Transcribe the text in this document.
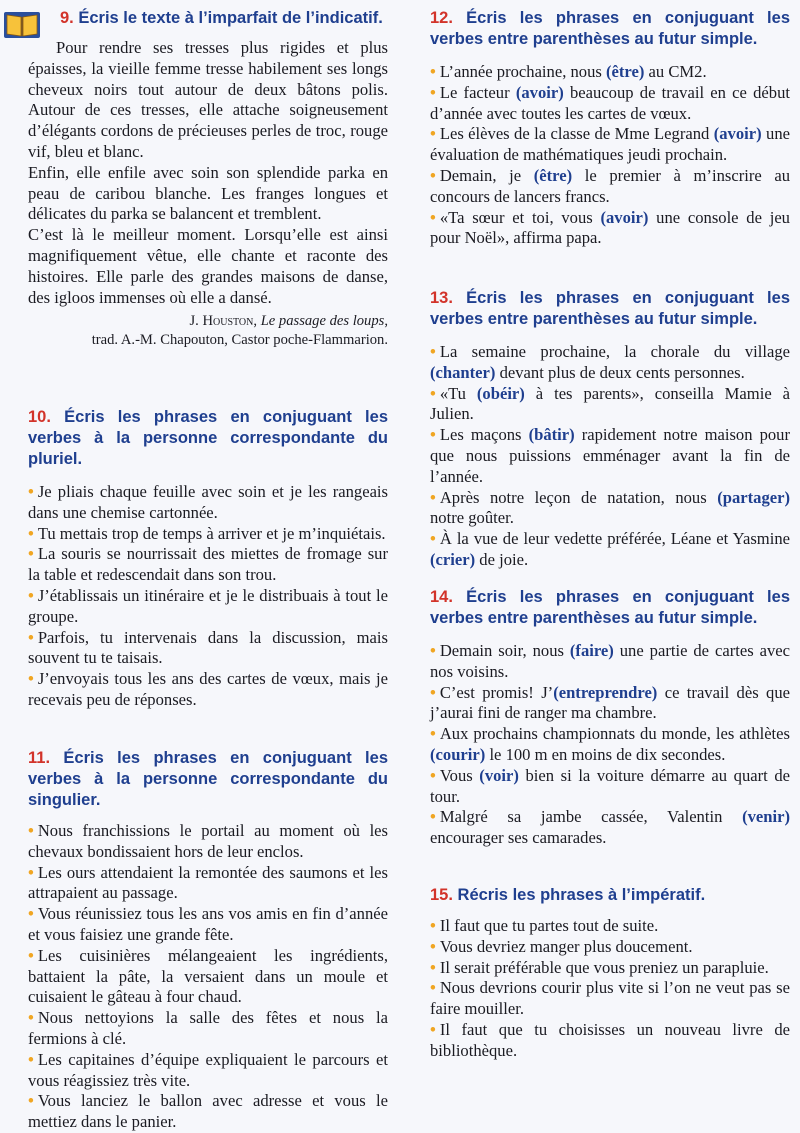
9. Écris le texte à l’imparfait de l’indicatif.

Pour rendre ses tresses plus rigides et plus épaisses, la vieille femme tresse habilement ses longs cheveux noirs tout autour de deux bâtons polis. Autour de ces tresses, elle attache soigneusement d’élégants cordons de précieuses perles de troc, rouge vif, bleu et blanc.

Enfin, elle enfile avec soin son splendide parka en peau de caribou blanche. Les franges longues et délicates du parka se balancent et tremblent.

C’est là le meilleur moment. Lorsqu’elle est ainsi magnifiquement vêtue, elle chante et raconte des histoires. Elle parle des grandes maisons de danse, des igloos immenses où elle a dansé.

J. Houston, Le passage des loups,

trad. A.-M. Chapouton, Castor poche-Flammarion.

10. Écris les phrases en conjuguant les verbes à la personne correspondante du pluriel.

• Je pliais chaque feuille avec soin et je les rangeais dans une chemise cartonnée.

• Tu mettais trop de temps à arriver et je m’inquiétais.

• La souris se nourrissait des miettes de fromage sur la table et redescendait dans son trou.

• J’établissais un itinéraire et je le distribuais à tout le groupe.

• Parfois, tu intervenais dans la discussion, mais souvent tu te taisais.

• J’envoyais tous les ans des cartes de vœux, mais je recevais peu de réponses.

11. Écris les phrases en conjuguant les verbes à la personne correspondante du singulier.

• Nous franchissions le portail au moment où les chevaux bondissaient hors de leur enclos.

• Les ours attendaient la remontée des saumons et les attrapaient au passage.

• Vous réunissiez tous les ans vos amis en fin d’année et vous faisiez une grande fête.

• Les cuisinières mélangeaient les ingrédients, battaient la pâte, la versaient dans un moule et cuisaient le gâteau à four chaud.

• Nous nettoyions la salle des fêtes et nous la fermions à clé.

• Les capitaines d’équipe expliquaient le parcours et vous réagissiez très vite.

• Vous lanciez le ballon avec adresse et vous le mettiez dans le panier.

12. Écris les phrases en conjuguant les verbes entre parenthèses au futur simple.

• L’année prochaine, nous (être) au CM2.

• Le facteur (avoir) beaucoup de travail en ce début d’année avec toutes les cartes de vœux.

• Les élèves de la classe de Mme Legrand (avoir) une évaluation de mathématiques jeudi prochain.

• Demain, je (être) le premier à m’inscrire au concours de lancers francs.

• «Ta sœur et toi, vous (avoir) une console de jeu pour Noël», affirma papa.

13. Écris les phrases en conjuguant les verbes entre parenthèses au futur simple.

• La semaine prochaine, la chorale du village (chanter) devant plus de deux cents personnes.

• «Tu (obéir) à tes parents», conseilla Mamie à Julien.

• Les maçons (bâtir) rapidement notre maison pour que nous puissions emménager avant la fin de l’année.

• Après notre leçon de natation, nous (partager) notre goûter.

• À la vue de leur vedette préférée, Léane et Yasmine (crier) de joie.

14. Écris les phrases en conjuguant les verbes entre parenthèses au futur simple.

• Demain soir, nous (faire) une partie de cartes avec nos voisins.

• C’est promis! J’(entreprendre) ce travail dès que j’aurai fini de ranger ma chambre.

• Aux prochains championnats du monde, les athlètes (courir) le 100 m en moins de dix secondes.

• Vous (voir) bien si la voiture démarre au quart de tour.

• Malgré sa jambe cassée, Valentin (venir) encourager ses camarades.

15. Récris les phrases à l’impératif.

• Il faut que tu partes tout de suite.

• Vous devriez manger plus doucement.

• Il serait préférable que vous preniez un parapluie.

• Nous devrions courir plus vite si l’on ne veut pas se faire mouiller.

• Il faut que tu choisisses un nouveau livre de bibliothèque.
